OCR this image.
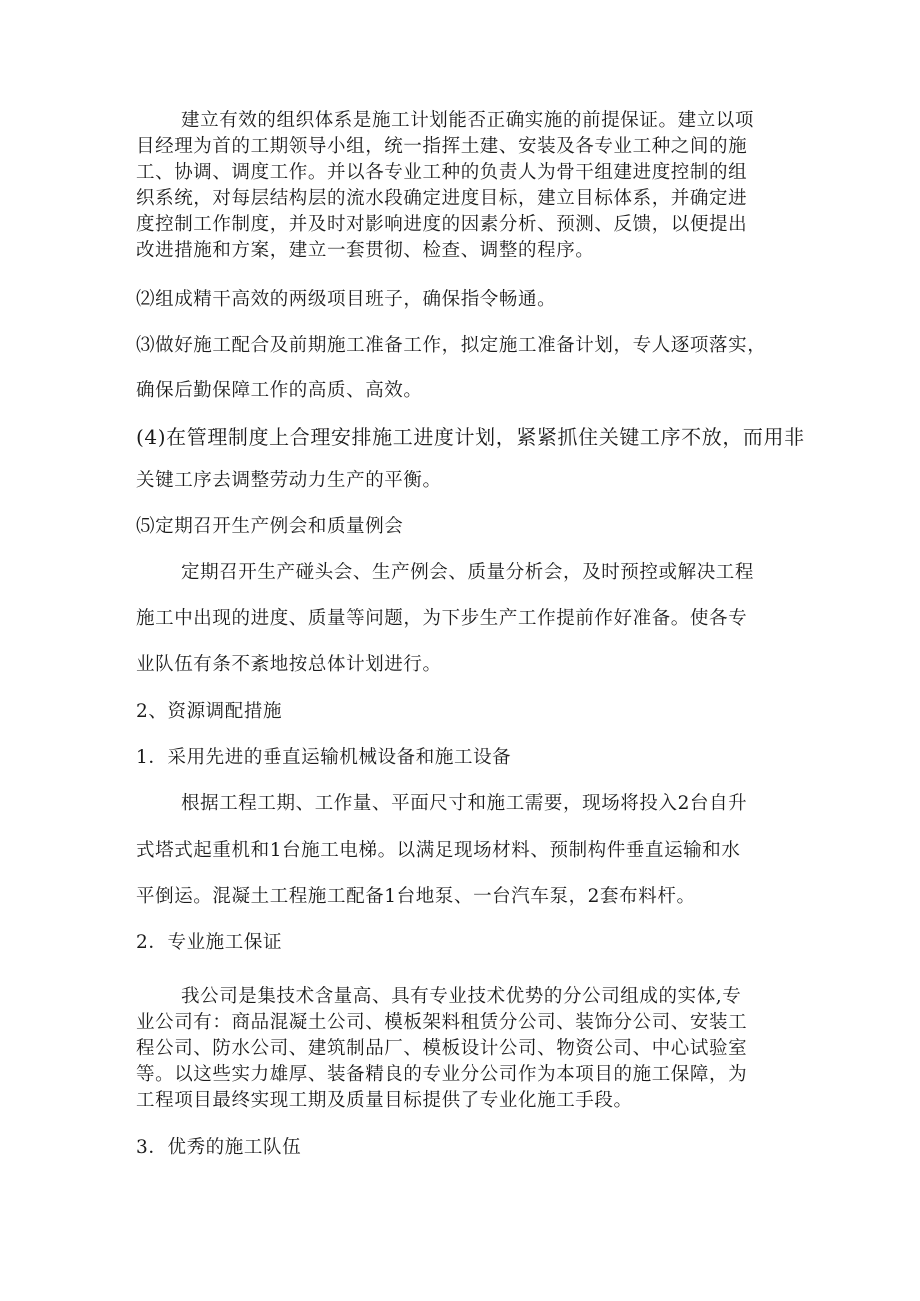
建立有效的组织体系是施工计划能否正确实施的前提保证。建立以项
目经理为首的工期领导小组，统一指挥土建、安装及各专业工种之间的施
工、协调、调度工作。并以各专业工种的负责人为骨干组建进度控制的组
织系统，对每层结构层的流水段确定进度目标，建立目标体系，并确定进
度控制工作制度，并及时对影响进度的因素分析、预测、反馈，以便提出
改进措施和方案，建立一套贯彻、检查、调整的程序。
⑵组成精干高效的两级项目班子，确保指令畅通。
⑶做好施工配合及前期施工准备工作，拟定施工准备计划，专人逐项落实，
确保后勤保障工作的高质、高效。
(4)在管理制度上合理安排施工进度计划，紧紧抓住关键工序不放，而用非
关键工序去调整劳动力生产的平衡。
⑸定期召开生产例会和质量例会
定期召开生产碰头会、生产例会、质量分析会，及时预控或解决工程
施工中出现的进度、质量等问题，为下步生产工作提前作好准备。使各专
业队伍有条不紊地按总体计划进行。
2、资源调配措施
1．采用先进的垂直运输机械设备和施工设备
根据工程工期、工作量、平面尺寸和施工需要，现场将投入2台自升
式塔式起重机和1台施工电梯。以满足现场材料、预制构件垂直运输和水
平倒运。混凝土工程施工配备1台地泵、一台汽车泵，2套布料杆。
2．专业施工保证
我公司是集技术含量高、具有专业技术优势的分公司组成的实体,专
业公司有：商品混凝土公司、模板架料租赁分公司、装饰分公司、安装工
程公司、防水公司、建筑制品厂、模板设计公司、物资公司、中心试验室
等。以这些实力雄厚、装备精良的专业分公司作为本项目的施工保障，为
工程项目最终实现工期及质量目标提供了专业化施工手段。
3．优秀的施工队伍
